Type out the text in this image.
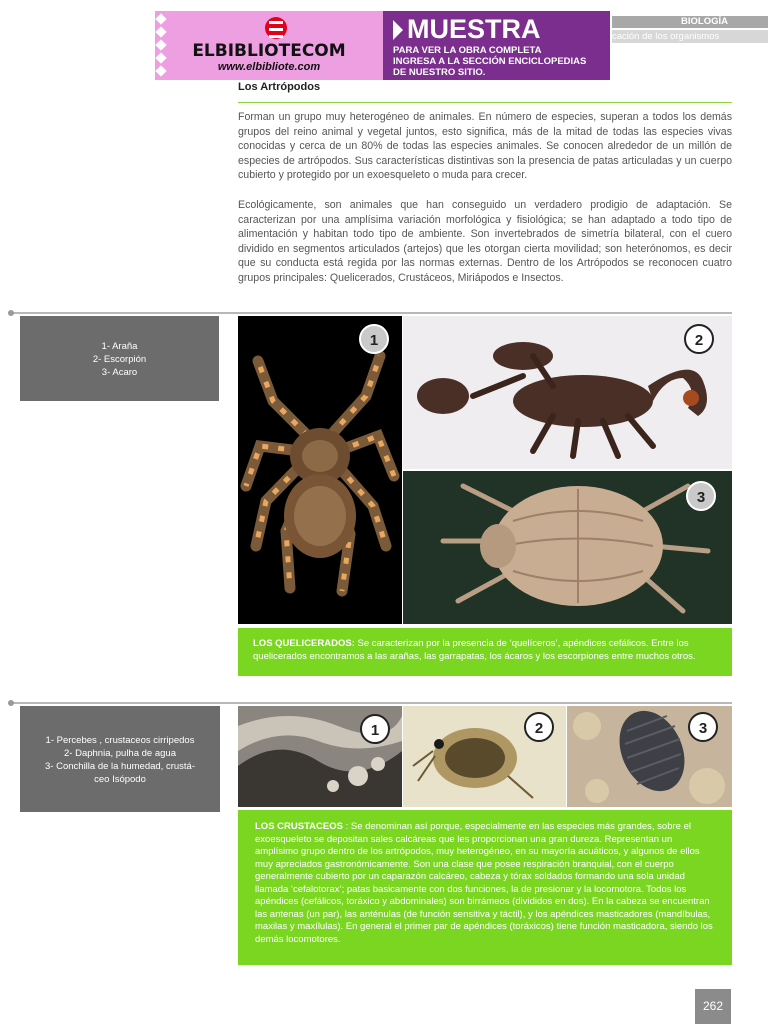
ELBIBLIOTECOM
www.elbibliote.com
MUESTRA
PARA VER LA OBRA COMPLETA
INGRESA A LA SECCIÓN ENCICLOPEDIAS
DE NUESTRO SITIO.
BIOLOGÍA
cación de los organismos
Los Artrópodos
Forman un grupo muy heterogéneo de animales. En número de especies, superan a todos los demás grupos del reino animal y vegetal juntos, esto significa, más de la mitad de todas las especies vivas conocidas y cerca de un 80% de todas las especies animales. Se conocen alrededor de un millón de especies de artrópodos. Sus características distintivas son la presencia de patas articuladas y un cuerpo cubierto y protegido por un exoesqueleto o muda para crecer.
Ecológicamente, son animales que han conseguido un verdadero prodigio de adaptación. Se caracterizan por una amplísima variación morfológica y fisiológica; se han adaptado a todo tipo de alimentación y habitan todo tipo de ambiente. Son invertebrados de simetría bilateral, con el cuero dividido en segmentos articulados (artejos) que les otorgan cierta movilidad; son heterónomos, es decir que su conducta está regida por las normas externas. Dentro de los Artrópodos se reconocen cuatro grupos principales: Quelicerados, Crustáceos, Miriápodos e Insectos.
1- Araña
2- Escorpión
3- Acaro
1	2
3
LOS QUELICERADOS: Se caracterizan por la presencia de ‘quelíceros’, apéndices cefálicos. Entre los quelicerados encontramos a las arañas, las garrapatas, los ácaros y los escorpiones entre muchos otros.
1- Percebes , crustaceos cirripedos
2- Daphnia, pulha de agua
3- Conchilla de la humedad, crustá-
ceo Isópodo
1	2	3
LOS CRUSTACEOS : Se denominan así porque, especialmente en las especies más grandes, sobre el exoesqueleto se depositan sales calcáreas que les proporcionan una gran dureza. Representan un amplísimo grupo dentro de los artrópodos, muy heterogéneo, en su mayoría acuáticos, y algunos de ellos muy apreciados gastronómicamente. Son una clase que posee respiración branquial, con el cuerpo generalmente cubierto por un caparazón calcáreo, cabeza y tórax soldados formando una sola unidad llamada ‘cefalotorax’; patas basicamente con dos funciones, la de presionar y la locomotora. Todos los apéndices (cefálicos, toráxico y abdominales) son birrámeos (divididos en dos). En la cabeza se encuentran las antenas (un par), las anténulas (de función sensitiva y táctil), y los apéndices masticadores (mandíbulas, maxilas y maxílulas). En general el primer par de apéndices (toráxicos) tiene función masticadora, siendo los demás locomotores.
262
